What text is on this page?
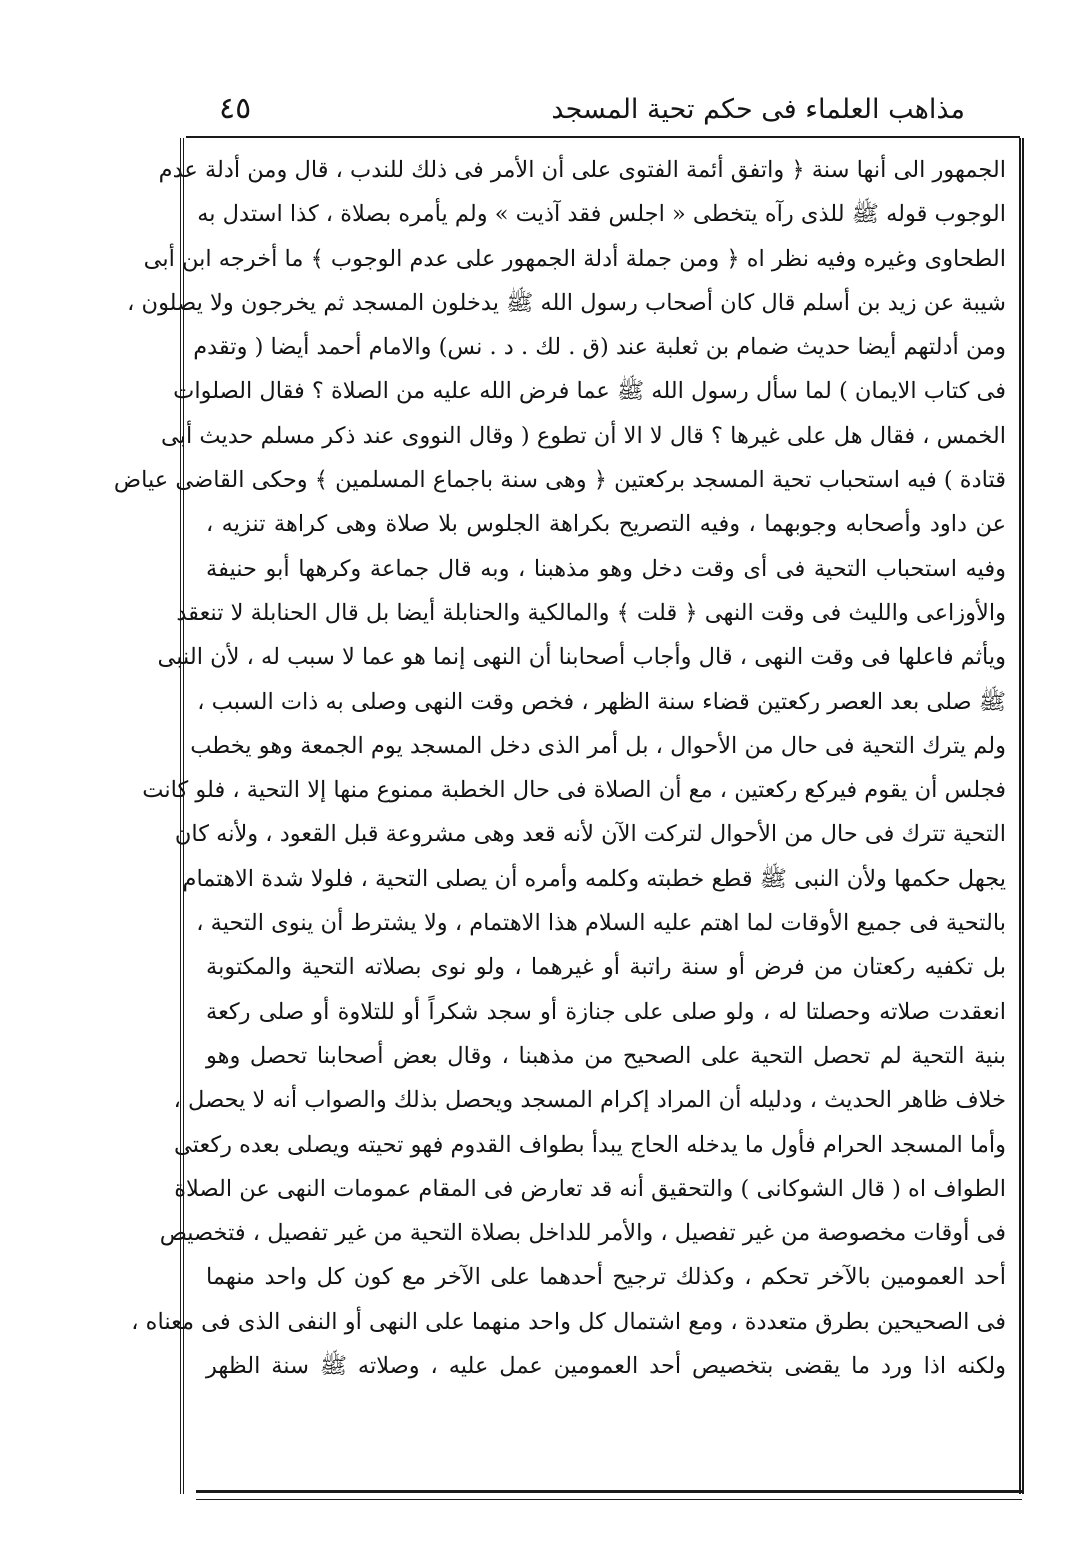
مذاهب العلماء فى حكم تحية المسجد
٤٥
الجمهور الى أنها سنة ﴿ واتفق أئمة الفتوى على أن الأمر فى ذلك للندب ، قال ومن أدلة عدم
الوجوب قوله ﷺ للذى رآه يتخطى « اجلس فقد آذيت » ولم يأمره بصلاة ، كذا استدل به
الطحاوى وغيره وفيه نظر اه ﴿ ومن جملة أدلة الجمهور على عدم الوجوب ﴾ ما أخرجه ابن أبى
شيبة عن زيد بن أسلم قال كان أصحاب رسول الله ﷺ يدخلون المسجد ثم يخرجون ولا يصلون ،
ومن أدلتهم أيضا حديث ضمام بن ثعلبة عند (ق . لك . د . نس) والامام أحمد أيضا ( وتقدم
فى كتاب الايمان ) لما سأل رسول الله ﷺ عما فرض الله عليه من الصلاة ؟ فقال الصلوات
الخمس ، فقال هل على غيرها ؟ قال لا الا أن تطوع ( وقال النووى عند ذكر مسلم حديث أبى
قتادة ) فيه استحباب تحية المسجد بركعتين ﴿ وهى سنة باجماع المسلمين ﴾ وحكى القاضى عياض
عن داود وأصحابه وجوبهما ، وفيه التصريح بكراهة الجلوس بلا صلاة وهى كراهة تنزيه ،
وفيه استحباب التحية فى أى وقت دخل وهو مذهبنا ، وبه قال جماعة وكرهها أبو حنيفة
والأوزاعى والليث فى وقت النهى ﴿ قلت ﴾ والمالكية والحنابلة أيضا بل قال الحنابلة لا تنعقد
ويأثم فاعلها فى وقت النهى ، قال وأجاب أصحابنا أن النهى إنما هو عما لا سبب له ، لأن النبى
ﷺ صلى بعد العصر ركعتين قضاء سنة الظهر ، فخص وقت النهى وصلى به ذات السبب ،
ولم يترك التحية فى حال من الأحوال ، بل أمر الذى دخل المسجد يوم الجمعة وهو يخطب
فجلس أن يقوم فيركع ركعتين ، مع أن الصلاة فى حال الخطبة ممنوع منها إلا التحية ، فلو كانت
التحية تترك فى حال من الأحوال لتركت الآن لأنه قعد وهى مشروعة قبل القعود ، ولأنه كان
يجهل حكمها ولأن النبى ﷺ قطع خطبته وكلمه وأمره أن يصلى التحية ، فلولا شدة الاهتمام
بالتحية فى جميع الأوقات لما اهتم عليه السلام هذا الاهتمام ، ولا يشترط أن ينوى التحية ،
بل تكفيه ركعتان من فرض أو سنة راتبة أو غيرهما ، ولو نوى بصلاته التحية والمكتوبة
انعقدت صلاته وحصلتا له ، ولو صلى على جنازة أو سجد شكراً أو للتلاوة أو صلى ركعة
بنية التحية لم تحصل التحية على الصحيح من مذهبنا ، وقال بعض أصحابنا تحصل وهو
خلاف ظاهر الحديث ، ودليله أن المراد إكرام المسجد ويحصل بذلك والصواب أنه لا يحصل ،
وأما المسجد الحرام فأول ما يدخله الحاج يبدأ بطواف القدوم فهو تحيته ويصلى بعده ركعتى
الطواف اه ( قال الشوكانى ) والتحقيق أنه قد تعارض فى المقام عمومات النهى عن الصلاة
فى أوقات مخصوصة من غير تفصيل ، والأمر للداخل بصلاة التحية من غير تفصيل ، فتخصيص
أحد العمومين بالآخر تحكم ، وكذلك ترجيح أحدهما على الآخر مع كون كل واحد منهما
فى الصحيحين بطرق متعددة ، ومع اشتمال كل واحد منهما على النهى أو النفى الذى فى معناه ،
ولكنه اذا ورد ما يقضى بتخصيص أحد العمومين عمل عليه ، وصلاته ﷺ سنة الظهر
